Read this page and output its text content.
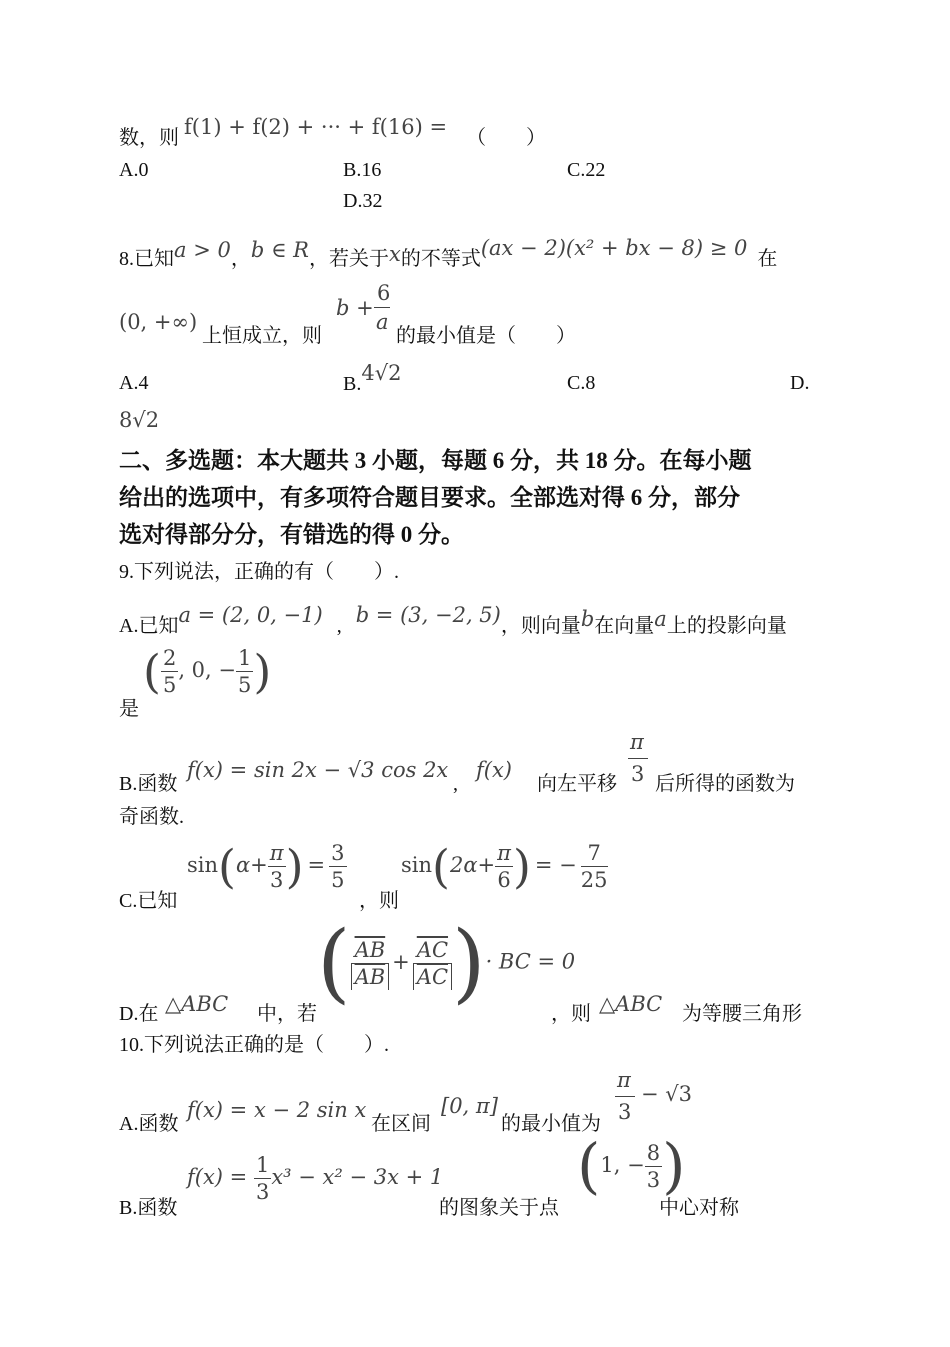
数，则 f(1) + f(2) + ··· + f(16) = （　　）
A.0	B.16	C.22
D.32
8.已知a > 0，b ∈ R，若关于x的不等式(ax − 2)(x² + bx − 8) ≥ 0 在
(0, +∞)
上恒成立，则
b +
6
a
的最小值是（　　）
A.4	B.4√2	C.8	D.
8√2
二、多选题：本大题共 3 小题，每题 6 分，共 18 分。在每小题
给出的选项中，有多项符合题目要求。全部选对得 6 分，部分
选对得部分分，有错选的得 0 分。
9.下列说法，正确的有（　　）.
A.已知a = (2, 0, −1) , b = (3, −2, 5)，则向量b在向量a上的投影向量
是
( $\frac{2}{5}$ , 0, − $\frac{1}{5}$ )
B.函数
f(x) = sin 2x − √3 cos 2x
,
f(x)
向左平移
π
3 后所得的函数为
奇函数.
C.已知
$\sin(\alpha+ \frac{\pi}{3}$ ) = $\frac{3}{5}$
，则
$\sin(2\alpha+ \frac{\pi}{6}$ ) = − $\frac{7}{25}$
D.在 △ABC 中，若
( $\frac{\overline{AB}}{AB} + \frac{\overline{AC}}{AC}$ )· BC = 0
，则 △ABC 为等腰三角形
10.下列说法正确的是（　　）.
A.函数
f(x) = x − 2 sin x
在区间
[0, π]
的最小值为
π
3
− √3
B.函数
$f(x) = \frac{1}{3} x^3 - x^2 - 3x + 1$
的图象关于点
(1, − $\frac{8}{3}$ )
中心对称
